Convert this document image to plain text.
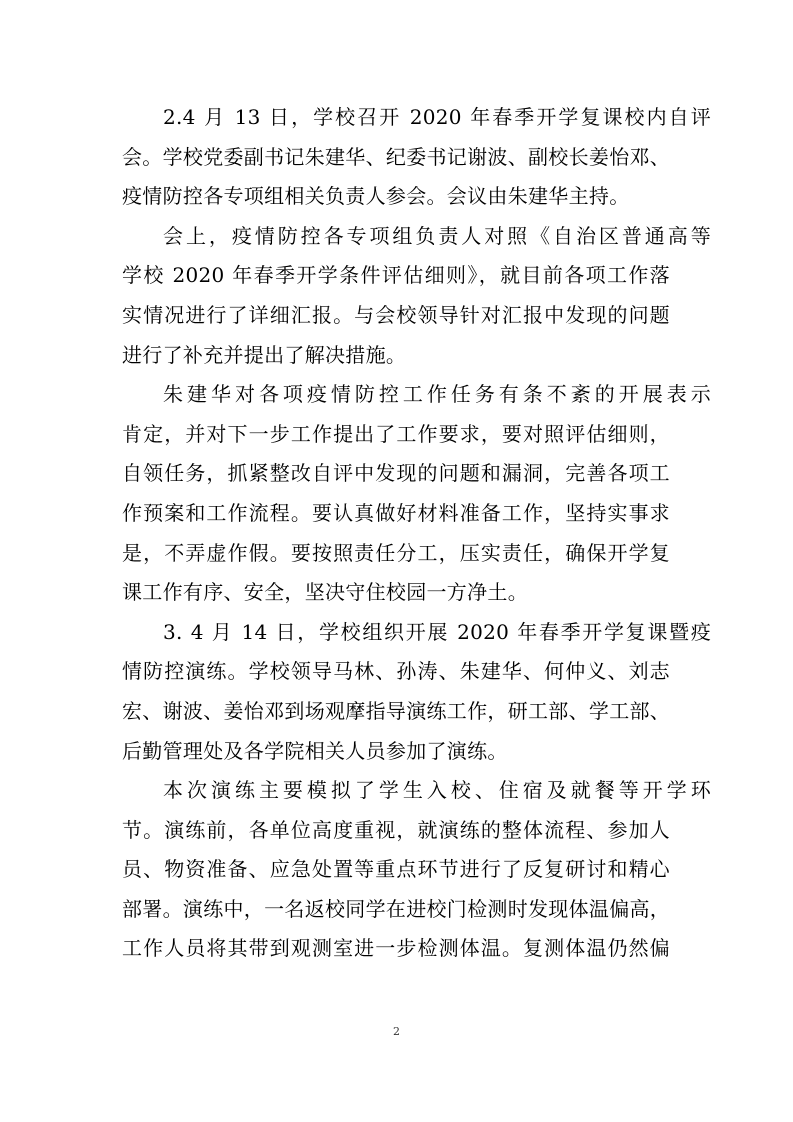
2.4 月 13 日，学校召开 2020 年春季开学复课校内自评
会。学校党委副书记朱建华、纪委书记谢波、副校长姜怡邓、
疫情防控各专项组相关负责人参会。会议由朱建华主持。

会上，疫情防控各专项组负责人对照《自治区普通高等
学校 2020 年春季开学条件评估细则》，就目前各项工作落
实情况进行了详细汇报。与会校领导针对汇报中发现的问题
进行了补充并提出了解决措施。

朱建华对各项疫情防控工作任务有条不紊的开展表示
肯定，并对下一步工作提出了工作要求，要对照评估细则，
自领任务，抓紧整改自评中发现的问题和漏洞，完善各项工
作预案和工作流程。要认真做好材料准备工作，坚持实事求
是，不弄虚作假。要按照责任分工，压实责任，确保开学复
课工作有序、安全，坚决守住校园一方净土。

3. 4 月 14 日，学校组织开展 2020 年春季开学复课暨疫
情防控演练。学校领导马林、孙涛、朱建华、何仲义、刘志
宏、谢波、姜怡邓到场观摩指导演练工作，研工部、学工部、
后勤管理处及各学院相关人员参加了演练。

本次演练主要模拟了学生入校、住宿及就餐等开学环
节。演练前，各单位高度重视，就演练的整体流程、参加人
员、物资准备、应急处置等重点环节进行了反复研讨和精心
部署。演练中，一名返校同学在进校门检测时发现体温偏高，
工作人员将其带到观测室进一步检测体温。复测体温仍然偏

2
